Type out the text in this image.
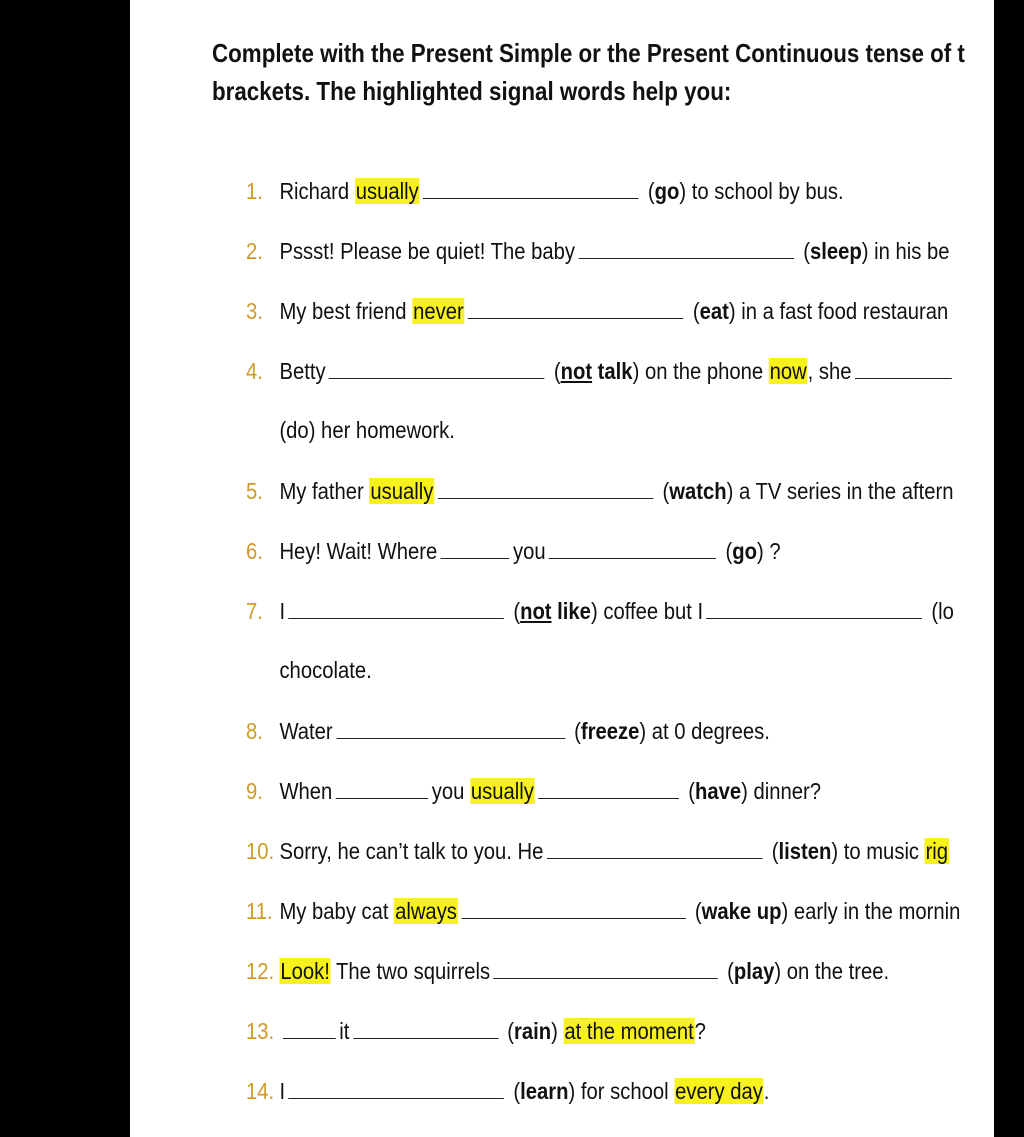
Complete with the Present Simple or the Present Continuous tense of t
brackets. The highlighted signal words help you:
1. Richard usually	(go) to school by bus.
2. Pssst! Please be quiet! The baby	(sleep) in his be
3. My best friend never	(eat) in a fast food restauran
4. Betty	(not talk) on the phone now, she
(do) her homework.
5. My father usually	(watch) a TV series in the aftern
6. Hey! Wait! Where	you	(go) ?
7. I	(not like) coffee but I	(lo
chocolate.
8. Water	(freeze) at 0 degrees.
9. When	you usually	(have) dinner?
10. Sorry, he can’t talk to you. He	(listen) to music rig
11. My baby cat always	(wake up) early in the mornin
12. Look! The two squirrels	(play) on the tree.
13.	it	(rain) at the moment?
14. I	(learn) for school every day.
